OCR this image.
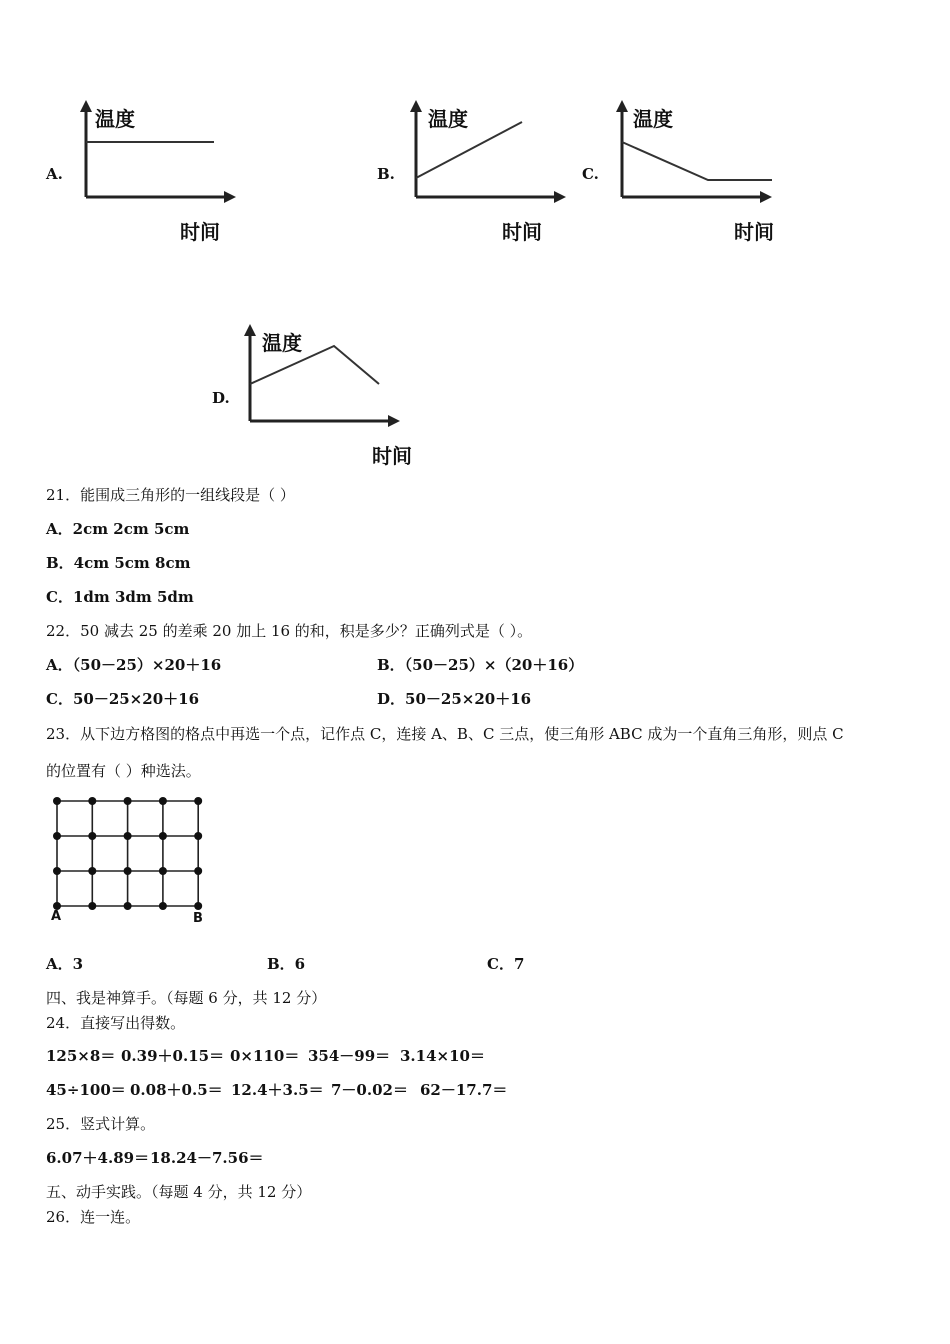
A.
温度
时间
B.
温度
时间
C.
温度
时间
D.
温度
时间
21．能围成三角形的一组线段是（ ）
A．2cm 2cm 5cm
B．4cm 5cm 8cm
C．1dm 3dm 5dm
22．50 减去 25 的差乘 20 加上 16 的和，积是多少？正确列式是（ ）。
A．（50－25）×20＋16	B．（50－25）×（20＋16）
C．50－25×20＋16	D．50－25×20＋16
23．从下边方格图的格点中再选一个点，记作点 C，连接 A、B、C 三点，使三角形 ABC 成为一个直角三角形，则点 C
的位置有（ ）种选法。
A	B
A．3	B．6	C．7
四、我是神算手。（每题 6 分，共 12 分）
24．直接写出得数。
125×8＝ 0.39＋0.15＝ 0×110＝ 354－99＝ 3.14×10＝
45÷100＝ 0.08＋0.5＝ 12.4＋3.5＝ 7－0.02＝ 62－17.7＝
25．竖式计算。
6.07＋4.89＝ 18.24－7.56＝
五、动手实践。（每题 4 分，共 12 分）
26．连一连。
